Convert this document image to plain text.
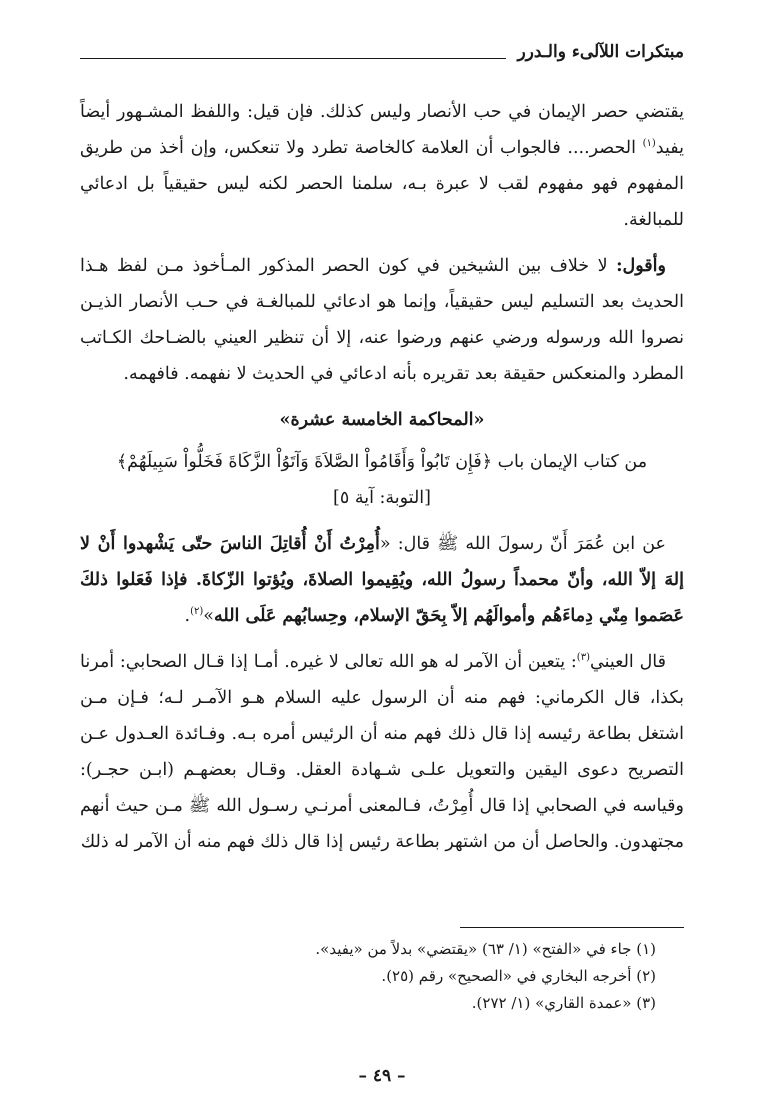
مبتكرات اللآلىء والـدرر

يقتضي حصر الإيمان في حب الأنصار وليس كذلك. فإن قيل: واللفظ المشـهور أيضاً يفيد$^{(١)}$ الحصر.... فالجواب أن العلامة كالخاصة تطرد ولا تنعكس، وإن أخذ من طريق المفهوم فهو مفهوم لقب لا عبرة بـه، سلمنا الحصر لكنه ليس حقيقياً بل ادعائي للمبالغة.

وأقول: لا خلاف بين الشيخين في كون الحصر المذكور المـأخوذ مـن لفظ هـذا الحديث بعد التسليم ليس حقيقياً، وإنما هو ادعائي للمبالغـة في حـب الأنصار الذيـن نصروا الله ورسوله ورضي عنهم ورضوا عنه، إلا أن تنظير العيني بالضـاحك الكـاتب المطرد والمنعكس حقيقة بعد تقريره بأنه ادعائي في الحديث لا نفهمه. فافهمه.

«المحاكمة الخامسة عشرة»

من كتاب الإيمان باب ﴿فَإِن تَابُواْ وَأَقَامُواْ الصَّلاَةَ وَآتَوُاْ الزَّكَاةَ فَخَلُّواْ سَبِيلَهُمْ﴾

[التوبة: آية ٥]

عن ابن عُمَرَ أَنّ رسولَ الله ﷺ قال: «أُمِرْتُ أَنْ أُقاتِلَ الناسَ حتّى يَشْهدوا أَنْ لا إلهَ إلاّ الله، وأنّ محمداً رسولُ الله، ويُقِيموا الصلاةَ، ويُؤتوا الزّكاةَ. فإذا فَعَلوا ذلكَ عَصَموا مِنّي دِماءَهُم وأموالَهُم إلاّ بِحَقّ الإسلام، وحِسابُهم عَلَى الله»$^{(٢)}$.

قال العيني$^{(٣)}$: يتعين أن الآمر له هو الله تعالى لا غيره. أمـا إذا قـال الصحابي: أمرنا بكذا، قال الكرماني: فهم منه أن الرسول عليه السلام هـو الآمـر لـه؛ فـإن مـن اشتغل بطاعة رئيسه إذا قال ذلك فهم منه أن الرئيس أمره بـه. وفـائدة العـدول عـن التصريح دعوى اليقين والتعويل علـى شـهادة العقل. وقـال بعضهـم (ابـن حجـر): وقياسه في الصحابي إذا قال أُمِرْتُ، فـالمعنى أمرنـي رسـول الله ﷺ مـن حيث أنهم مجتهدون. والحاصل أن من اشتهر بطاعة رئيس إذا قال ذلك فهم منه أن الآمر له ذلك

(١) جاء في «الفتح» (١/ ٦٣) «يقتضي» بدلاً من «يفيد».
(٢) أخرجه البخاري في «الصحيح» رقم (٢٥).
(٣) «عمدة القاري» (١/ ٢٧٢).
– ٤٩ –
